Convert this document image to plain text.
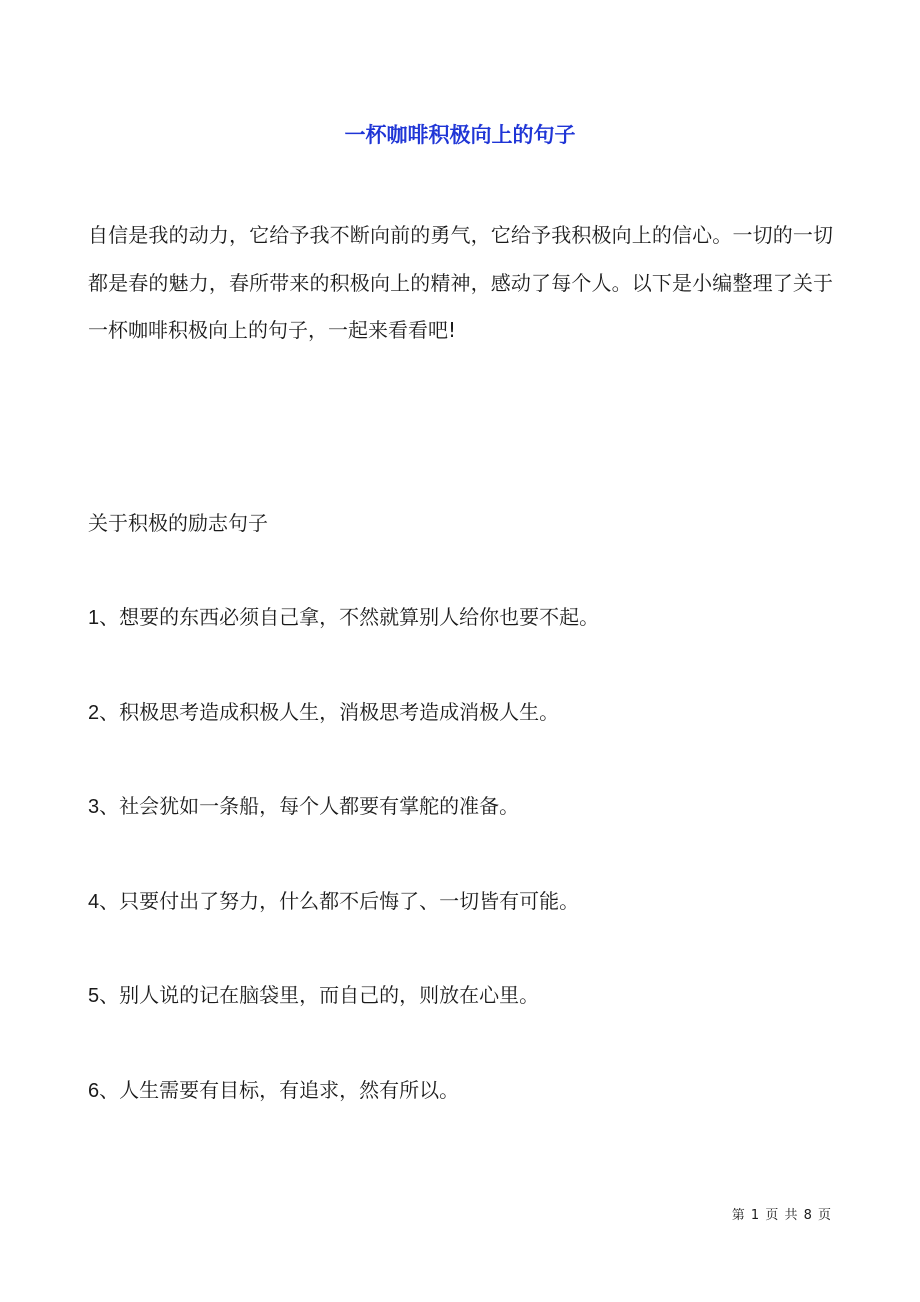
一杯咖啡积极向上的句子

自信是我的动力，它给予我不断向前的勇气，它给予我积极向上的信心。一切的一切都是春的魅力，春所带来的积极向上的精神，感动了每个人。以下是小编整理了关于一杯咖啡积极向上的句子，一起来看看吧!

关于积极的励志句子

1、想要的东西必须自己拿，不然就算别人给你也要不起。
2、积极思考造成积极人生，消极思考造成消极人生。
3、社会犹如一条船，每个人都要有掌舵的准备。
4、只要付出了努力，什么都不后悔了、一切皆有可能。
5、别人说的记在脑袋里，而自己的，则放在心里。
6、人生需要有目标，有追求，然有所以。
第 1 页 共 8 页
